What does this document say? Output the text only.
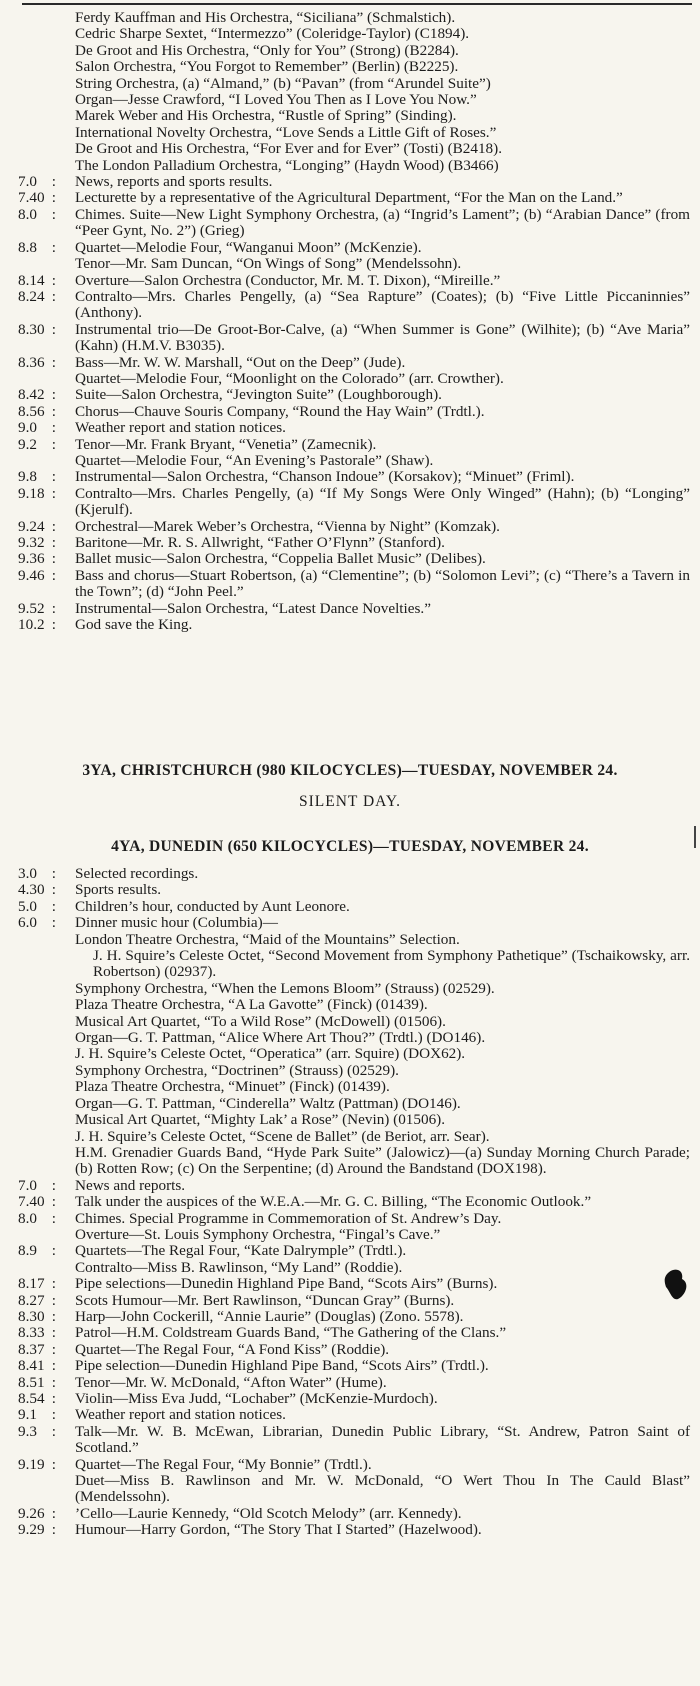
Ferdy Kauffman and His Orchestra, “Siciliana” (Schmalstich).
Cedric Sharpe Sextet, “Intermezzo” (Coleridge-Taylor) (C1894).
De Groot and His Orchestra, “Only for You” (Strong) (B2284).
Salon Orchestra, “You Forgot to Remember” (Berlin) (B2225).
String Orchestra, (a) “Almand,” (b) “Pavan” (from “Arundel Suite”)
Organ—Jesse Crawford, “I Loved You Then as I Love You Now.”
Marek Weber and His Orchestra, “Rustle of Spring” (Sinding).
International Novelty Orchestra, “Love Sends a Little Gift of Roses.”
De Groot and His Orchestra, “For Ever and for Ever” (Tosti) (B2418).
The London Palladium Orchestra, “Longing” (Haydn Wood) (B3466)
7.0 :	News, reports and sports results.
7.40 :	Lecturette by a representative of the Agricultural Department, “For the Man on the Land.”
8.0 :	Chimes. Suite—New Light Symphony Orchestra, (a) “Ingrid’s Lament”; (b) “Arabian Dance” (from “Peer Gynt, No. 2”) (Grieg)
8.8 :	Quartet—Melodie Four, “Wanganui Moon” (McKenzie).
Tenor—Mr. Sam Duncan, “On Wings of Song” (Mendelssohn).
8.14 :	Overture—Salon Orchestra (Conductor, Mr. M. T. Dixon), “Mireille.”
8.24 :	Contralto—Mrs. Charles Pengelly, (a) “Sea Rapture” (Coates); (b) “Five Little Piccaninnies” (Anthony).
8.30 :	Instrumental trio—De Groot-Bor-Calve, (a) “When Summer is Gone” (Wilhite); (b) “Ave Maria” (Kahn) (H.M.V. B3035).
8.36 :	Bass—Mr. W. W. Marshall, “Out on the Deep” (Jude).
Quartet—Melodie Four, “Moonlight on the Colorado” (arr. Crowther).
8.42 :	Suite—Salon Orchestra, “Jevington Suite” (Loughborough).
8.56 :	Chorus—Chauve Souris Company, “Round the Hay Wain” (Trdtl.).
9.0 :	Weather report and station notices.
9.2 :	Tenor—Mr. Frank Bryant, “Venetia” (Zamecnik).
Quartet—Melodie Four, “An Evening’s Pastorale” (Shaw).
9.8 :	Instrumental—Salon Orchestra, “Chanson Indoue” (Korsakov); “Minuet” (Friml).
9.18 :	Contralto—Mrs. Charles Pengelly, (a) “If My Songs Were Only Winged” (Hahn); (b) “Longing” (Kjerulf).
9.24 :	Orchestral—Marek Weber’s Orchestra, “Vienna by Night” (Komzak).
9.32 :	Baritone—Mr. R. S. Allwright, “Father O’Flynn” (Stanford).
9.36 :	Ballet music—Salon Orchestra, “Coppelia Ballet Music” (Delibes).
9.46 :	Bass and chorus—Stuart Robertson, (a) “Clementine”; (b) “Solomon Levi”; (c) “There’s a Tavern in the Town”; (d) “John Peel.”
9.52 :	Instrumental—Salon Orchestra, “Latest Dance Novelties.”
10.2 :	God save the King.
3YA, CHRISTCHURCH (980 KILOCYCLES)—TUESDAY, NOVEMBER 24.
SILENT DAY.
4YA, DUNEDIN (650 KILOCYCLES)—TUESDAY, NOVEMBER 24.
3.0 :	Selected recordings.
4.30 :	Sports results.
5.0 :	Children’s hour, conducted by Aunt Leonore.
6.0 :	Dinner music hour (Columbia)—
London Theatre Orchestra, “Maid of the Mountains” Selection.
J. H. Squire’s Celeste Octet, “Second Movement from Symphony Pathetique” (Tschaikowsky, arr. Robertson) (02937).
Symphony Orchestra, “When the Lemons Bloom” (Strauss) (02529).
Plaza Theatre Orchestra, “A La Gavotte” (Finck) (01439).
Musical Art Quartet, “To a Wild Rose” (McDowell) (01506).
Organ—G. T. Pattman, “Alice Where Art Thou?” (Trdtl.) (DO146).
J. H. Squire’s Celeste Octet, “Operatica” (arr. Squire) (DOX62).
Symphony Orchestra, “Doctrinen” (Strauss) (02529).
Plaza Theatre Orchestra, “Minuet” (Finck) (01439).
Organ—G. T. Pattman, “Cinderella” Waltz (Pattman) (DO146).
Musical Art Quartet, “Mighty Lak’ a Rose” (Nevin) (01506).
J. H. Squire’s Celeste Octet, “Scene de Ballet” (de Beriot, arr. Sear).
H.M. Grenadier Guards Band, “Hyde Park Suite” (Jalowicz)—(a) Sunday Morning Church Parade; (b) Rotten Row; (c) On the Serpentine; (d) Around the Bandstand (DOX198).
7.0 :	News and reports.
7.40 :	Talk under the auspices of the W.E.A.—Mr. G. C. Billing, “The Economic Outlook.”
8.0 :	Chimes. Special Programme in Commemoration of St. Andrew’s Day.
Overture—St. Louis Symphony Orchestra, “Fingal’s Cave.”
8.9 :	Quartets—The Regal Four, “Kate Dalrymple” (Trdtl.).
Contralto—Miss B. Rawlinson, “My Land” (Roddie).
8.17 :	Pipe selections—Dunedin Highland Pipe Band, “Scots Airs” (Burns).
8.27 :	Scots Humour—Mr. Bert Rawlinson, “Duncan Gray” (Burns).
8.30 :	Harp—John Cockerill, “Annie Laurie” (Douglas) (Zono. 5578).
8.33 :	Patrol—H.M. Coldstream Guards Band, “The Gathering of the Clans.”
8.37 :	Quartet—The Regal Four, “A Fond Kiss” (Roddie).
8.41 :	Pipe selection—Dunedin Highland Pipe Band, “Scots Airs” (Trdtl.).
8.51 :	Tenor—Mr. W. McDonald, “Afton Water” (Hume).
8.54 :	Violin—Miss Eva Judd, “Lochaber” (McKenzie-Murdoch).
9.1 :	Weather report and station notices.
9.3 :	Talk—Mr. W. B. McEwan, Librarian, Dunedin Public Library, “St. Andrew, Patron Saint of Scotland.”
9.19 :	Quartet—The Regal Four, “My Bonnie” (Trdtl.).
Duet—Miss B. Rawlinson and Mr. W. McDonald, “O Wert Thou In The Cauld Blast” (Mendelssohn).
9.26 :	’Cello—Laurie Kennedy, “Old Scotch Melody” (arr. Kennedy).
9.29 :	Humour—Harry Gordon, “The Story That I Started” (Hazelwood).
